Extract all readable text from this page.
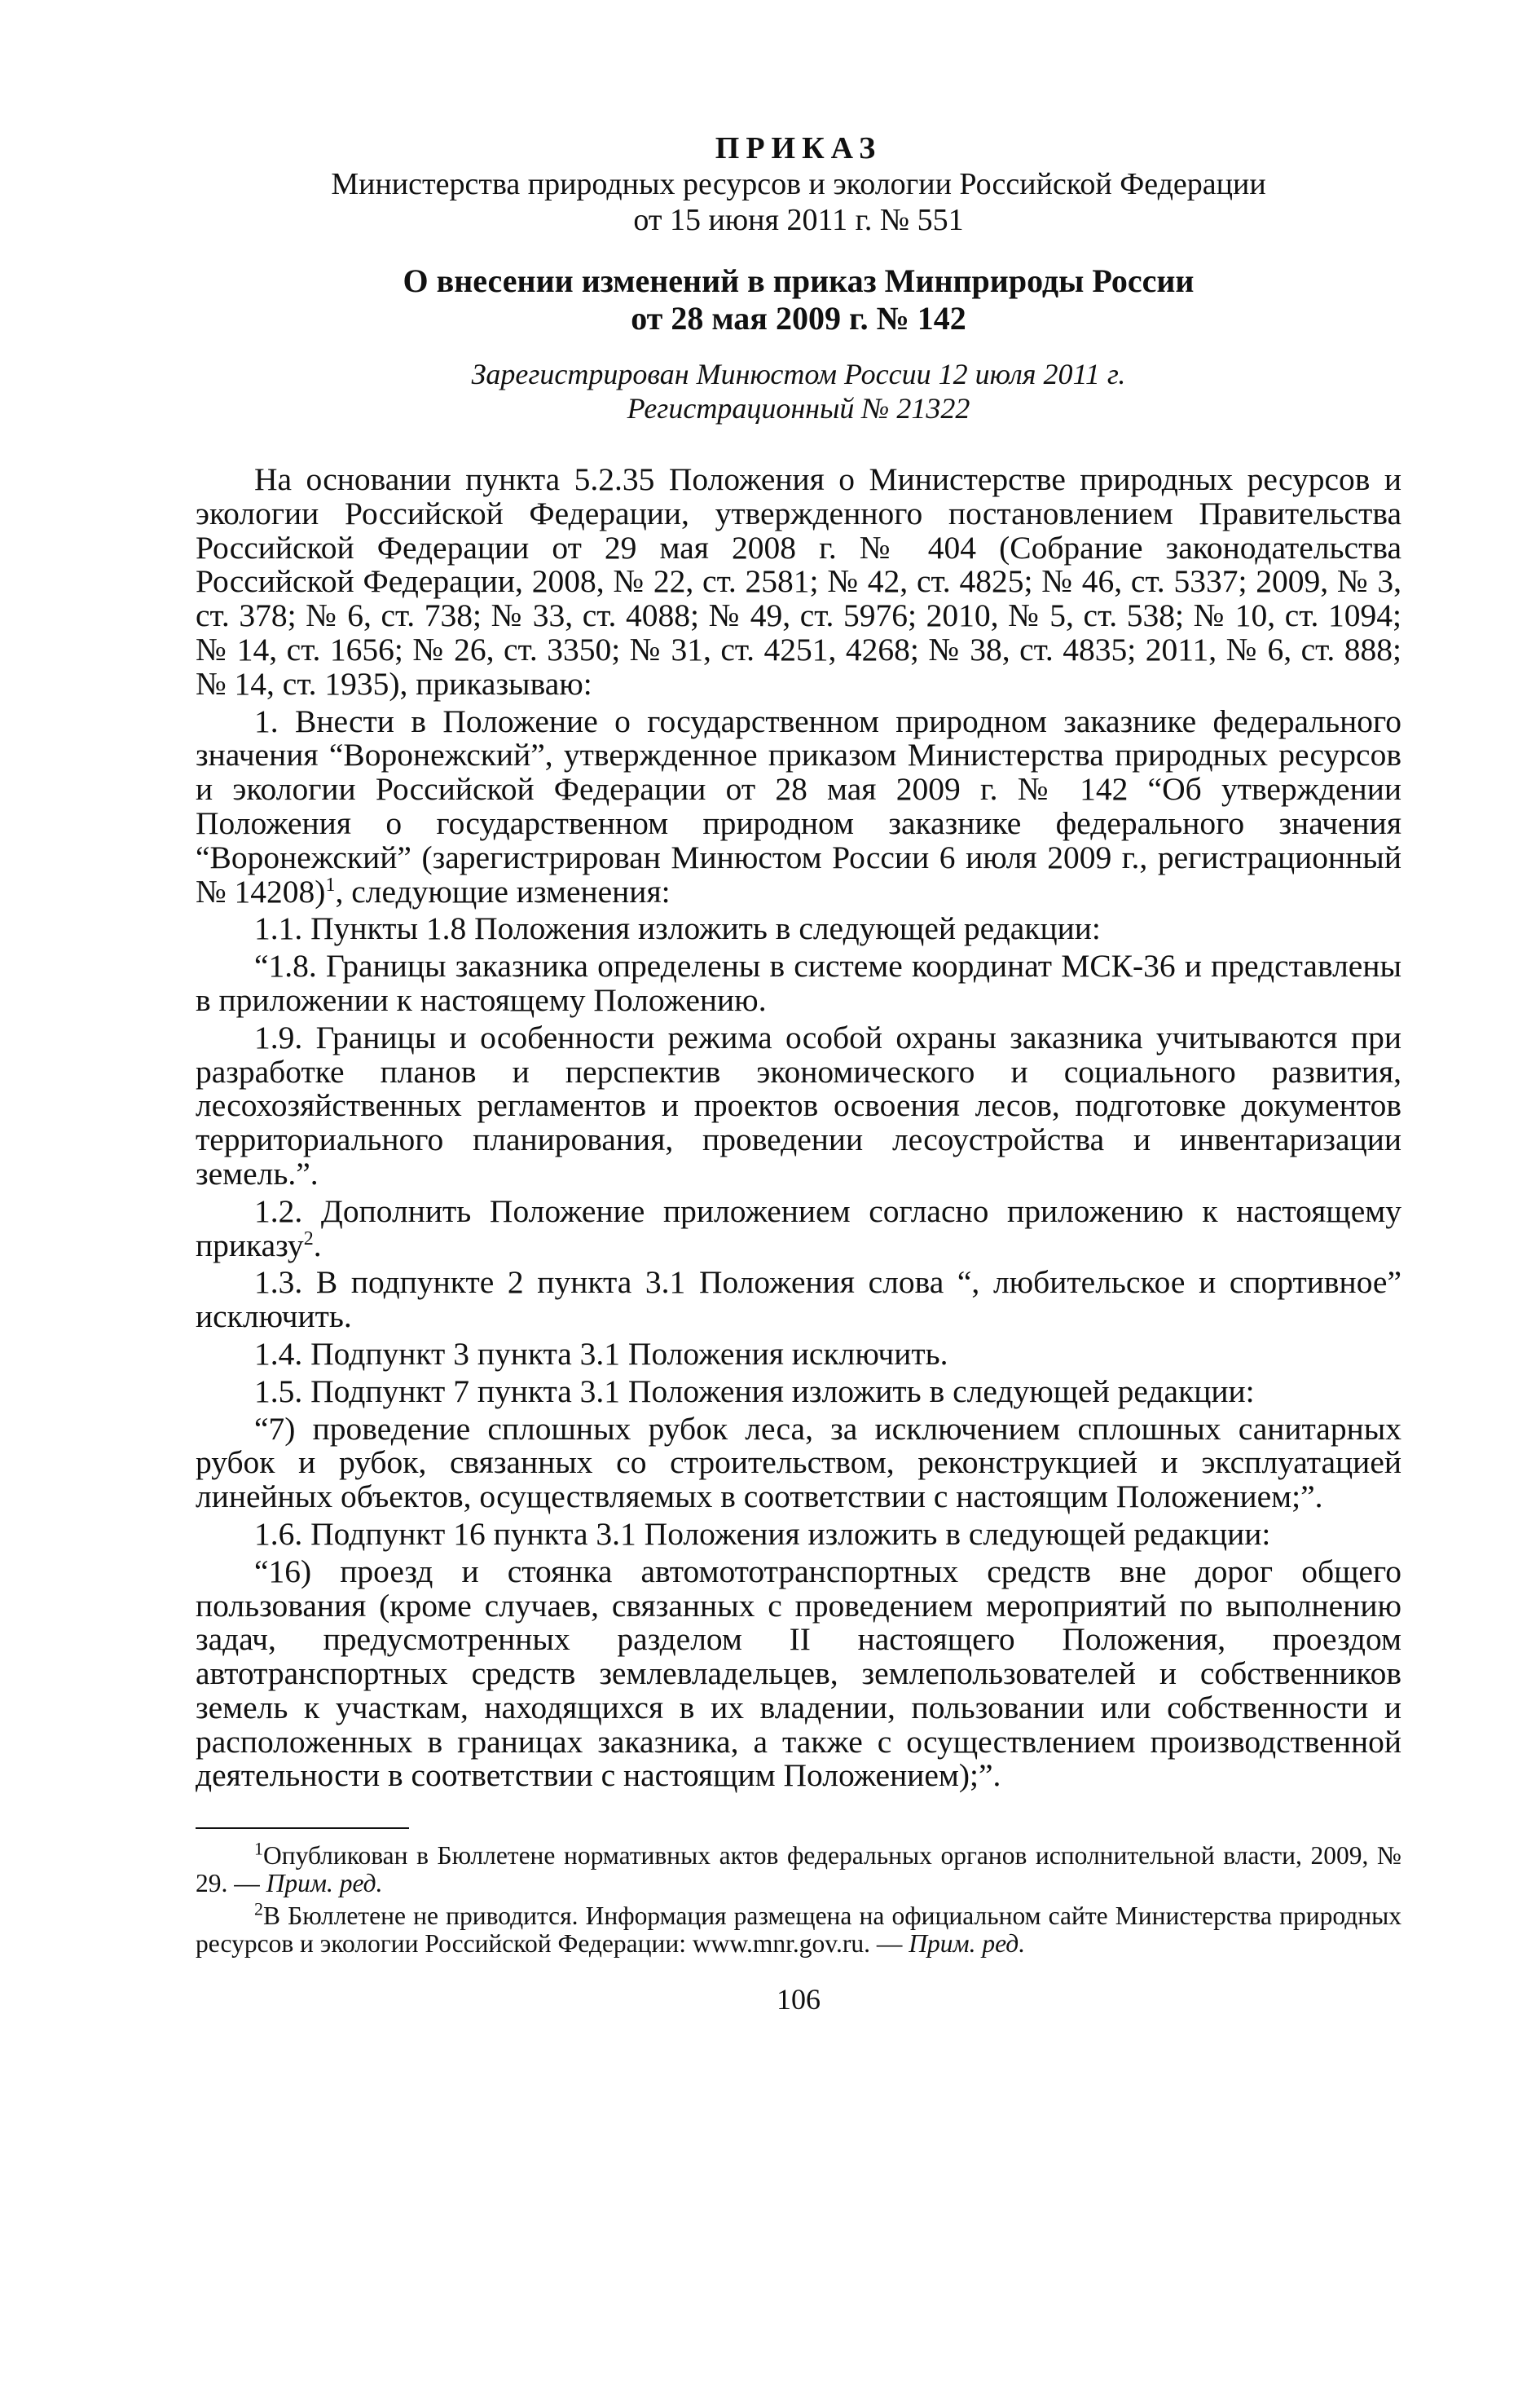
ПРИКАЗ
Министерства природных ресурсов и экологии Российской Федерации
от 15 июня 2011 г. № 551
О внесении изменений в приказ Минприроды России
от 28 мая 2009 г. № 142
Зарегистрирован Минюстом России 12 июля 2011 г.
Регистрационный № 21322

На основании пункта 5.2.35 Положения о Министерстве природных ресурсов и экологии Российской Федерации, утвержденного постановлением Правительства Российской Федерации от 29 мая 2008 г. № 404 (Собрание законодательства Российской Федерации, 2008, № 22, ст. 2581; № 42, ст. 4825; № 46, ст. 5337; 2009, № 3, ст. 378; № 6, ст. 738; № 33, ст. 4088; № 49, ст. 5976; 2010, № 5, ст. 538; № 10, ст. 1094; № 14, ст. 1656; № 26, ст. 3350; № 31, ст. 4251, 4268; № 38, ст. 4835; 2011, № 6, ст. 888; № 14, ст. 1935), приказываю:

1. Внести в Положение о государственном природном заказнике федерального значения “Воронежский”, утвержденное приказом Министерства природных ресурсов и экологии Российской Федерации от 28 мая 2009 г. № 142 “Об утверждении Положения о государственном природном заказнике федерального значения “Воронежский” (зарегистрирован Минюстом России 6 июля 2009 г., регистрационный № 14208)$^1$, следующие изменения:

1.1. Пункты 1.8 Положения изложить в следующей редакции:

“1.8. Границы заказника определены в системе координат МСК-36 и представлены в приложении к настоящему Положению.

1.9. Границы и особенности режима особой охраны заказника учитываются при разработке планов и перспектив экономического и социального развития, лесохозяйственных регламентов и проектов освоения лесов, подготовке документов территориального планирования, проведении лесоустройства и инвентаризации земель.”.

1.2. Дополнить Положение приложением согласно приложению к настоящему приказу$^2$.

1.3. В подпункте 2 пункта 3.1 Положения слова “, любительское и спортивное” исключить.

1.4. Подпункт 3 пункта 3.1 Положения исключить.

1.5. Подпункт 7 пункта 3.1 Положения изложить в следующей редакции:

“7) проведение сплошных рубок леса, за исключением сплошных санитарных рубок и рубок, связанных со строительством, реконструкцией и эксплуатацией линейных объектов, осуществляемых в соответствии с настоящим Положением;”.

1.6. Подпункт 16 пункта 3.1 Положения изложить в следующей редакции:

“16) проезд и стоянка автомототранспортных средств вне дорог общего пользования (кроме случаев, связанных с проведением мероприятий по выполнению задач, предусмотренных разделом II настоящего Положения, проездом автотранспортных средств землевладельцев, землепользователей и собственников земель к участкам, находящихся в их владении, пользовании или собственности и расположенных в границах заказника, а также с осуществлением производственной деятельности в соответствии с настоящим Положением);”.

$^1$Опубликован в Бюллетене нормативных актов федеральных органов исполнительной власти, 2009, № 29. — Прим. ред.

$^2$В Бюллетене не приводится. Информация размещена на официальном сайте Министерства природных ресурсов и экологии Российской Федерации: www.mnr.gov.ru. — Прим. ред.

106
